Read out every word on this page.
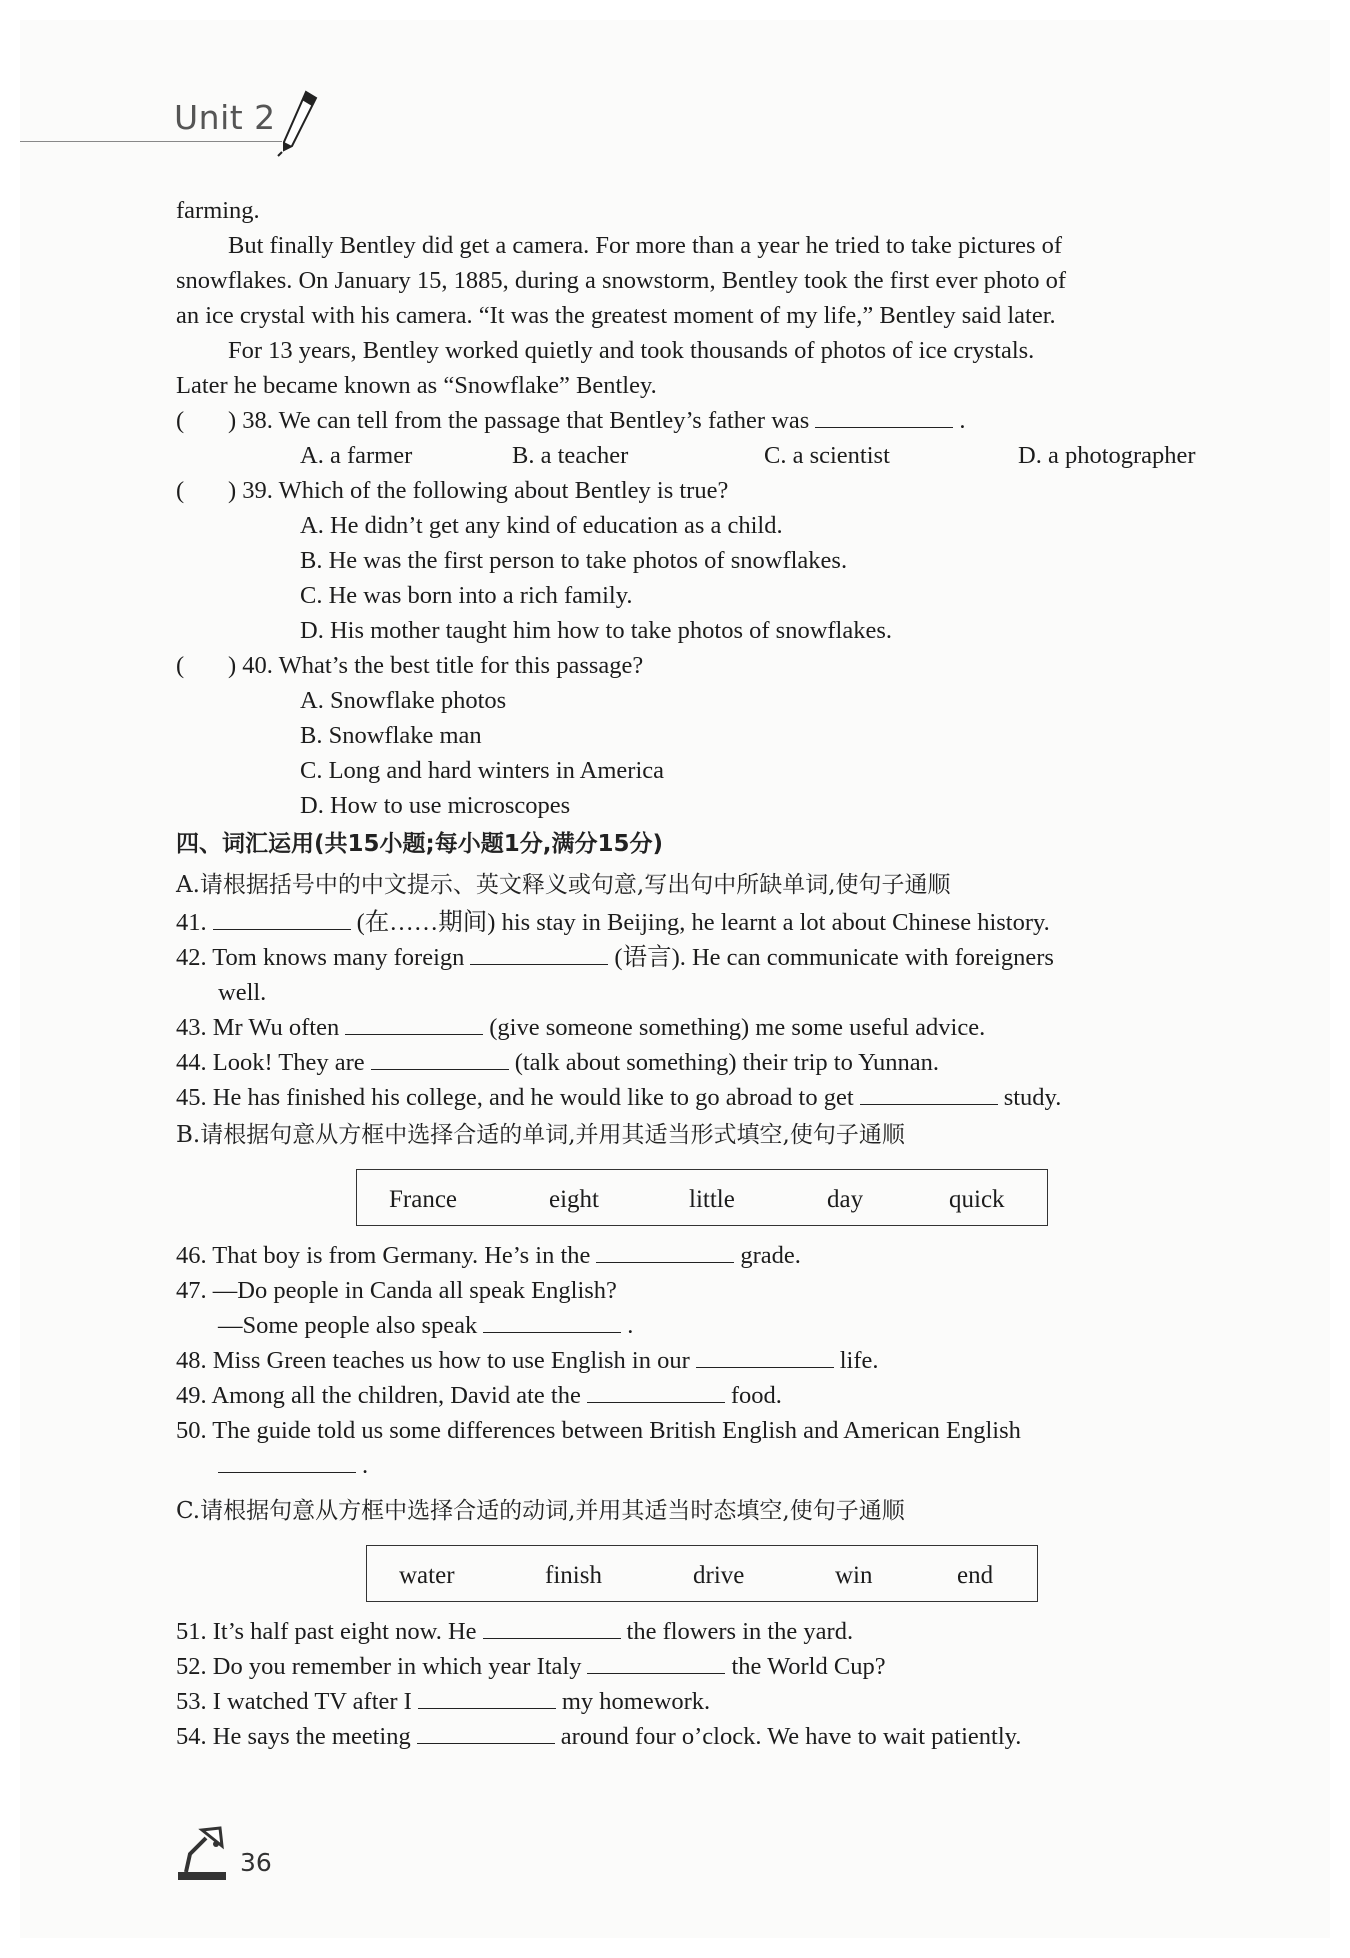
Unit 2
farming.
But finally Bentley did get a camera. For more than a year he tried to take pictures of
snowflakes. On January 15, 1885, during a snowstorm, Bentley took the first ever photo of
an ice crystal with his camera. “It was the greatest moment of my life,” Bentley said later.
For 13 years, Bentley worked quietly and took thousands of photos of ice crystals.
Later he became known as “Snowflake” Bentley.
( ) 38. We can tell from the passage that Bentley’s father was	.
A. a farmer	B. a teacher	C. a scientist	D. a photographer
( ) 39. Which of the following about Bentley is true?
A. He didn’t get any kind of education as a child.
B. He was the first person to take photos of snowflakes.
C. He was born into a rich family.
D. His mother taught him how to take photos of snowflakes.
( ) 40. What’s the best title for this passage?
A. Snowflake photos
B. Snowflake man
C. Long and hard winters in America
D. How to use microscopes
四、词汇运用(共15小题;每小题1分,满分15分)
A.请根据括号中的中文提示、英文释义或句意,写出句中所缺单词,使句子通顺
41.	(在……期间) his stay in Beijing, he learnt a lot about Chinese history.
42. Tom knows many foreign	(语言). He can communicate with foreigners
well.
43. Mr Wu often	(give someone something) me some useful advice.
44. Look! They are	(talk about something) their trip to Yunnan.
45. He has finished his college, and he would like to go abroad to get	study.
B.请根据句意从方框中选择合适的单词,并用其适当形式填空,使句子通顺
France	eight	little	day	quick
46. That boy is from Germany. He’s in the	grade.
47. —Do people in Canda all speak English?
—Some people also speak	.
48. Miss Green teaches us how to use English in our	life.
49. Among all the children, David ate the	food.
50. The guide told us some differences between British English and American English
.
C.请根据句意从方框中选择合适的动词,并用其适当时态填空,使句子通顺
water	finish	drive	win	end
51. It’s half past eight now. He	the flowers in the yard.
52. Do you remember in which year Italy	the World Cup?
53. I watched TV after I	my homework.
54. He says the meeting	around four o’clock. We have to wait patiently.
36
